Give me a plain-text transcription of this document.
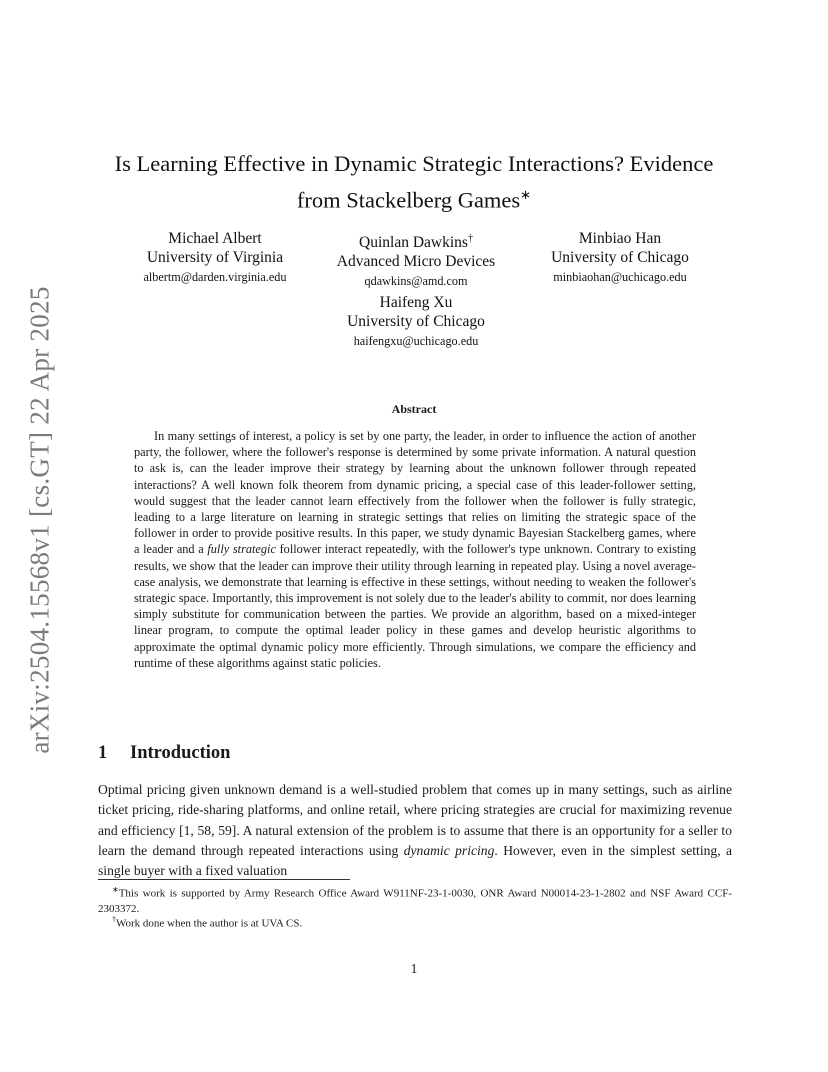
arXiv:2504.15568v1 [cs.GT] 22 Apr 2025
Is Learning Effective in Dynamic Strategic Interactions? Evidence
from Stackelberg Games∗
Michael Albert
University of Virginia
albertm@darden.virginia.edu
Quinlan Dawkins†
Advanced Micro Devices
qdawkins@amd.com
Minbiao Han
University of Chicago
minbiaohan@uchicago.edu
Haifeng Xu
University of Chicago
haifengxu@uchicago.edu
Abstract

In many settings of interest, a policy is set by one party, the leader, in order to influence the action of another party, the follower, where the follower's response is determined by some private information. A natural question to ask is, can the leader improve their strategy by learning about the unknown follower through repeated interactions? A well known folk theorem from dynamic pricing, a special case of this leader-follower setting, would suggest that the leader cannot learn effectively from the follower when the follower is fully strategic, leading to a large literature on learning in strategic settings that relies on limiting the strategic space of the follower in order to provide positive results. In this paper, we study dynamic Bayesian Stackelberg games, where a leader and a fully strategic follower interact repeatedly, with the follower's type unknown. Contrary to existing results, we show that the leader can improve their utility through learning in repeated play. Using a novel average-case analysis, we demonstrate that learning is effective in these settings, without needing to weaken the follower's strategic space. Importantly, this improvement is not solely due to the leader's ability to commit, nor does learning simply substitute for communication between the parties. We provide an algorithm, based on a mixed-integer linear program, to compute the optimal leader policy in these games and develop heuristic algorithms to approximate the optimal dynamic policy more efficiently. Through simulations, we compare the efficiency and runtime of these algorithms against static policies.

1 Introduction

Optimal pricing given unknown demand is a well-studied problem that comes up in many settings, such as airline ticket pricing, ride-sharing platforms, and online retail, where pricing strategies are crucial for maximizing revenue and efficiency [1, 58, 59]. A natural extension of the problem is to assume that there is an opportunity for a seller to learn the demand through repeated interactions using dynamic pricing. However, even in the simplest setting, a single buyer with a fixed valuation

∗This work is supported by Army Research Office Award W911NF-23-1-0030, ONR Award N00014-23-1-2802 and NSF Award CCF-2303372.

†Work done when the author is at UVA CS.

1
